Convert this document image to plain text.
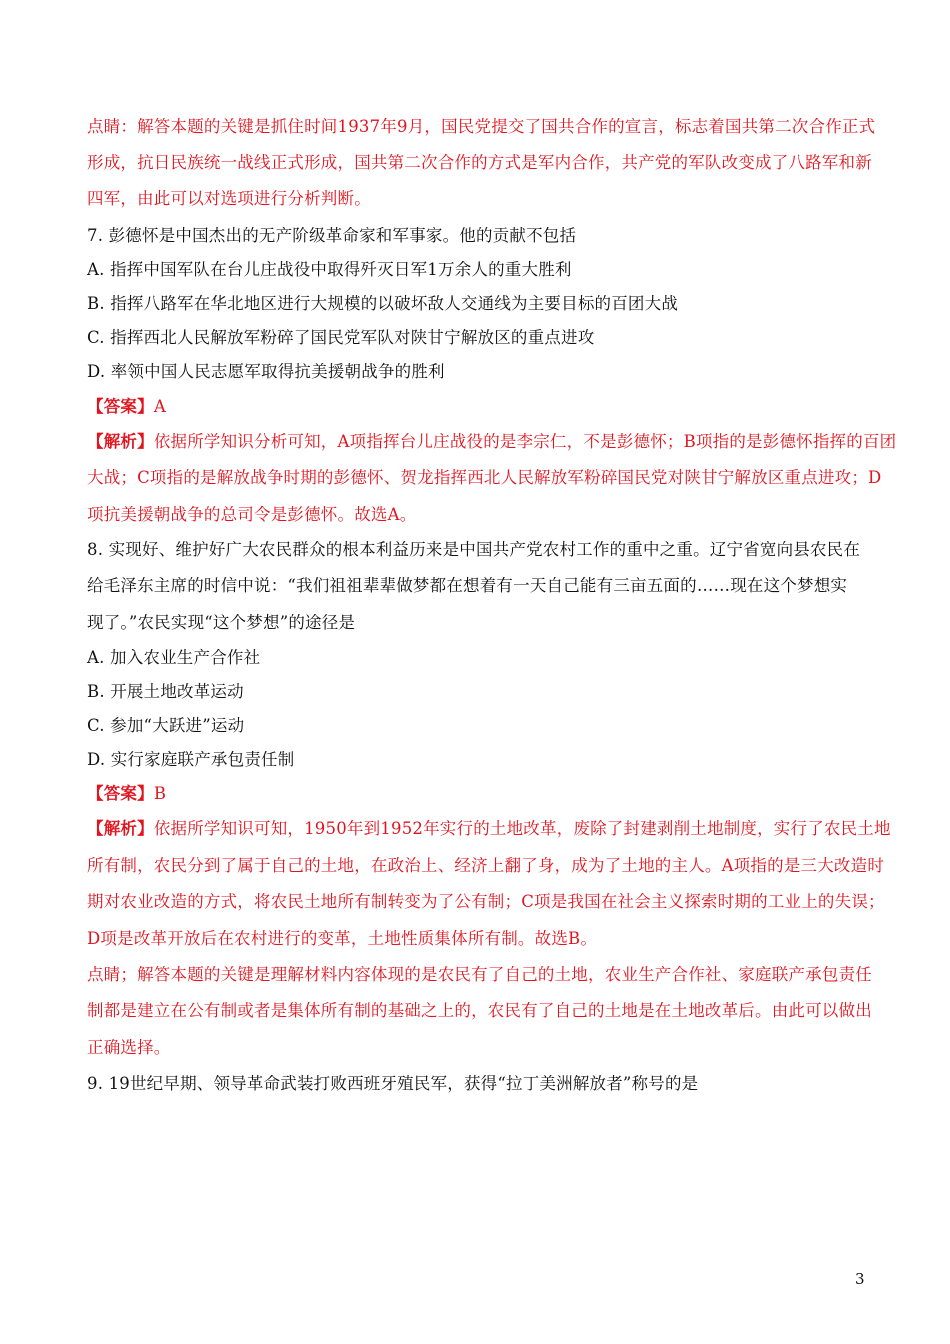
点睛：解答本题的关键是抓住时间1937年9月，国民党提交了国共合作的宣言，标志着国共第二次合作正式
形成，抗日民族统一战线正式形成，国共第二次合作的方式是军内合作，共产党的军队改变成了八路军和新
四军，由此可以对选项进行分析判断。
7. 彭德怀是中国杰出的无产阶级革命家和军事家。他的贡献不包括
A. 指挥中国军队在台儿庄战役中取得歼灭日军1万余人的重大胜利
B. 指挥八路军在华北地区进行大规模的以破坏敌人交通线为主要目标的百团大战
C. 指挥西北人民解放军粉碎了国民党军队对陕甘宁解放区的重点进攻
D. 率领中国人民志愿军取得抗美援朝战争的胜利
【答案】A
【解析】依据所学知识分析可知，A项指挥台儿庄战役的是李宗仁，不是彭德怀；B项指的是彭德怀指挥的百团
大战；C项指的是解放战争时期的彭德怀、贺龙指挥西北人民解放军粉碎国民党对陕甘宁解放区重点进攻；D
项抗美援朝战争的总司令是彭德怀。故选A。
8. 实现好、维护好广大农民群众的根本利益历来是中国共产党农村工作的重中之重。辽宁省宽向县农民在
给毛泽东主席的时信中说：“我们祖祖辈辈做梦都在想着有一天自己能有三亩五面的……现在这个梦想实
现了。”农民实现“这个梦想”的途径是
A. 加入农业生产合作社
B. 开展土地改革运动
C. 参加“大跃进”运动
D. 实行家庭联产承包责任制
【答案】B
【解析】依据所学知识可知，1950年到1952年实行的土地改革，废除了封建剥削土地制度，实行了农民土地
所有制，农民分到了属于自己的土地，在政治上、经济上翻了身，成为了土地的主人。A项指的是三大改造时
期对农业改造的方式，将农民土地所有制转变为了公有制；C项是我国在社会主义探索时期的工业上的失误；
D项是改革开放后在农村进行的变革，土地性质集体所有制。故选B。
点睛；解答本题的关键是理解材料内容体现的是农民有了自己的土地，农业生产合作社、家庭联产承包责任
制都是建立在公有制或者是集体所有制的基础之上的，农民有了自己的土地是在土地改革后。由此可以做出
正确选择。
9. 19世纪早期、领导革命武装打败西班牙殖民军，获得“拉丁美洲解放者”称号的是
3
